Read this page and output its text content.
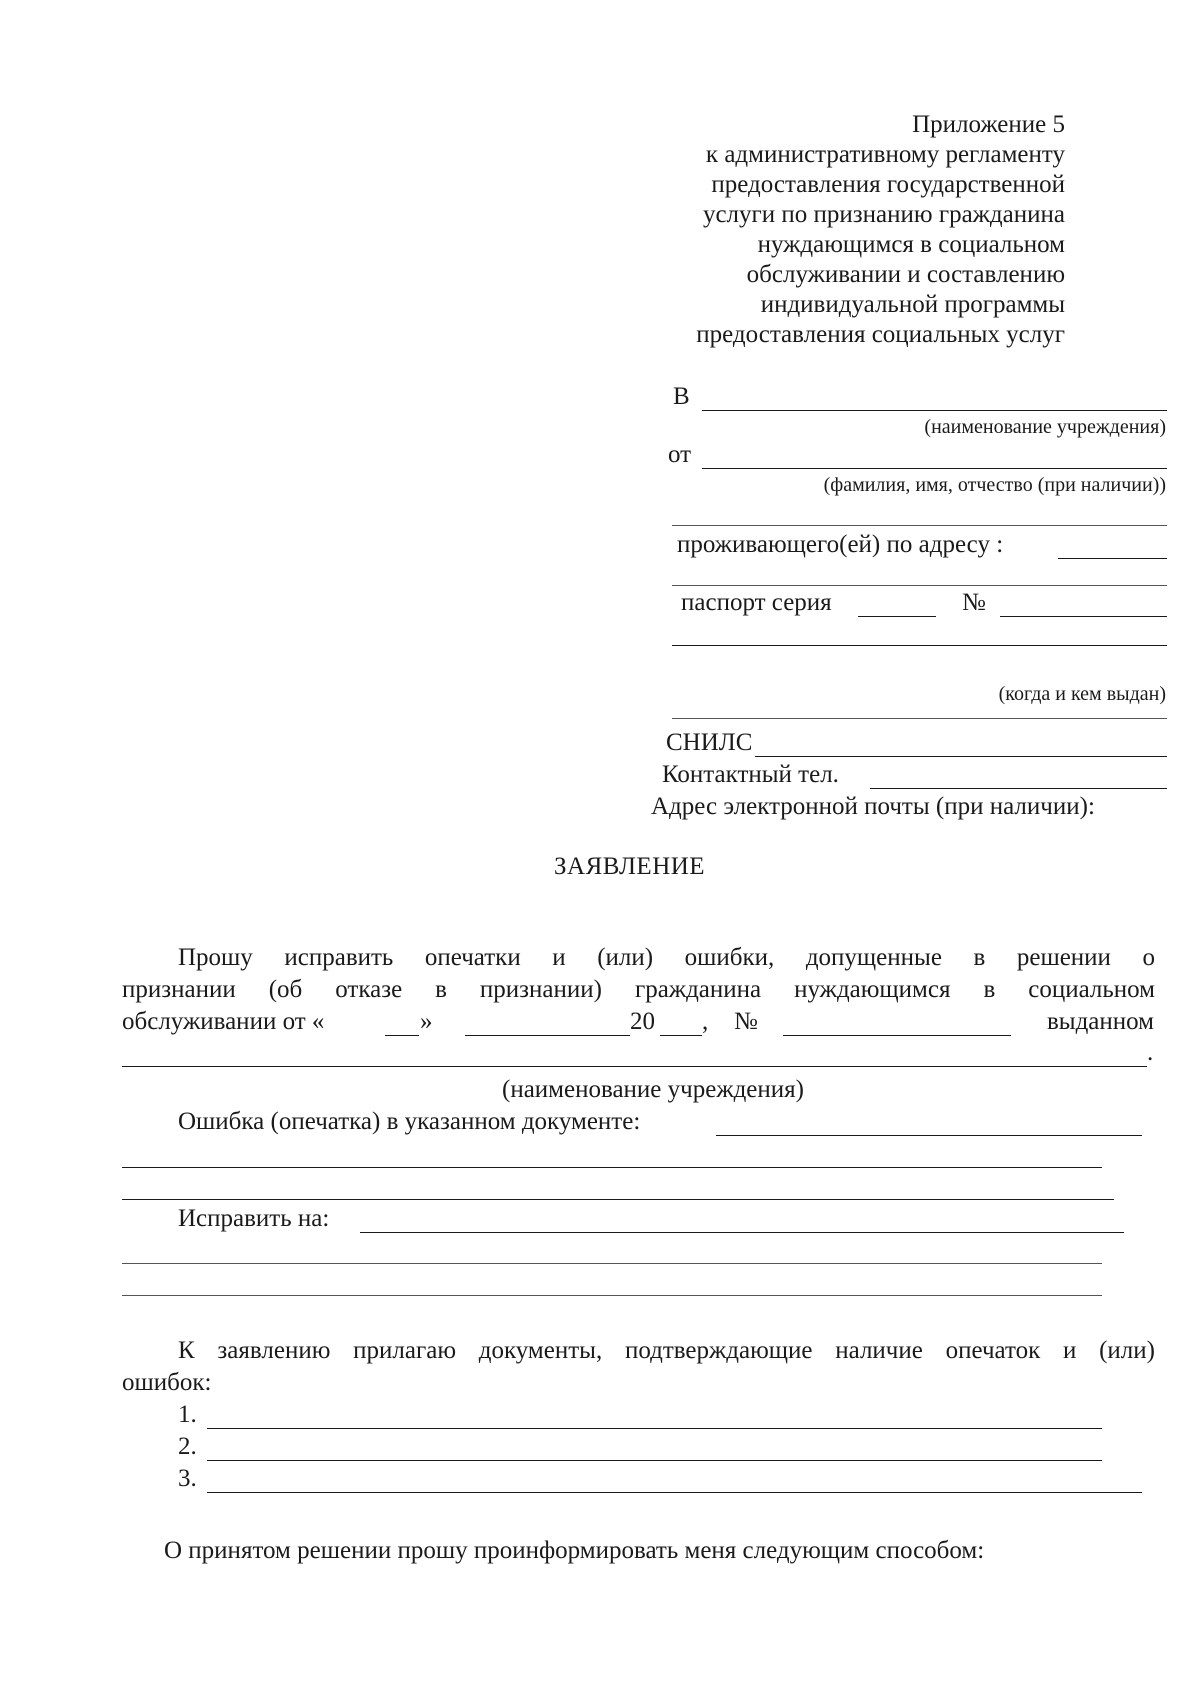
Приложение 5
к административному регламенту
предоставления государственной
услуги по признанию гражданина
нуждающимся в социальном
обслуживании и составлению
индивидуальной программы
предоставления социальных услуг
В
(наименование учреждения)
от
(фамилия, имя, отчество (при наличии))
проживающего(ей) по адресу :
паспорт серия	№
(когда и кем выдан)
СНИЛС
Контактный тел.
Адрес электронной почты (при наличии):
ЗАЯВЛЕНИЕ
Прошу исправить опечатки и (или) ошибки, допущенные в решении о
признании (об отказе в признании) гражданина нуждающимся в социальном
обслуживании от «	»	20 , №	выданном
.
(наименование учреждения)
Ошибка (опечатка) в указанном документе:
Исправить на:
К заявлению прилагаю документы, подтверждающие наличие опечаток и (или)
ошибок:
1.
2.
3.
О принятом решении прошу проинформировать меня следующим способом:
